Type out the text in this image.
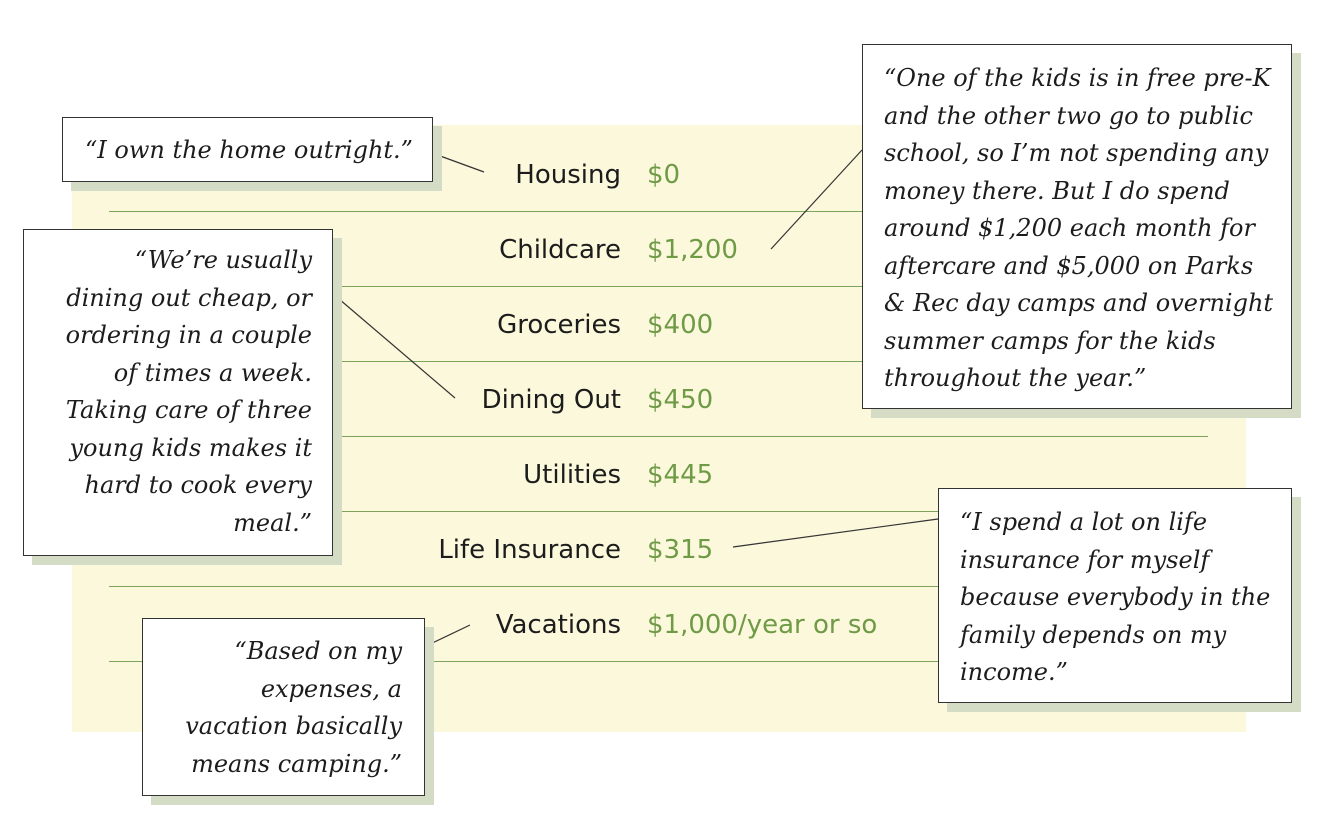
Housing $0
Childcare $1,200
Groceries $400
Dining Out $450
Utilities $445
Life Insurance $315
Vacations $1,000/year or so
“I own the home outright.”
“We’re usually dining out cheap, or ordering in a couple of times a week. Taking care of three young kids makes it hard to cook every meal.”
“Based on my expenses, a vacation basically means camping.”
“One of the kids is in free pre-K and the other two go to public school, so I’m not spending any money there. But I do spend around $1,200 each month for aftercare and $5,000 on Parks & Rec day camps and overnight summer camps for the kids throughout the year.”
“I spend a lot on life insurance for myself because everybody in the family depends on my income.”
